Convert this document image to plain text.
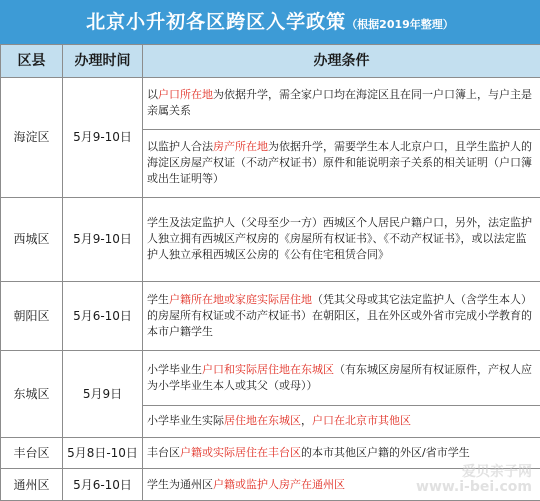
北京小升初各区跨区入学政策（根据2019年整理）
区县	办理时间	办理条件
海淀区	5月9-10日	以户口所在地为依据升学，需全家户口均在海淀区且在同一户口簿上，与户主是亲属关系
		以监护人合法房产所在地为依据升学，需要学生本人北京户口，且学生监护人的海淀区房屋产权证（不动产权证书）原件和能说明亲子关系的相关证明（户口簿或出生证明等）
西城区	5月9-10日	学生及法定监护人（父母至少一方）西城区个人居民户籍户口，另外，法定监护人独立拥有西城区产权房的《房屋所有权证书》、《不动产权证书》，或以法定监护人独立承租西城区公房的《公有住宅租赁合同》
朝阳区	5月6-10日	学生户籍所在地或家庭实际居住地（凭其父母或其它法定监护人（含学生本人）的房屋所有权证或不动产权证书）在朝阳区，且在外区或外省市完成小学教育的 本市户籍学生
东城区	5月9日	小学毕业生户口和实际居住地在东城区（有东城区房屋所有权证原件，产权人应为小学毕业生本人或其父（或母））
		小学毕业生实际居住地在东城区，户口在北京市其他区
丰台区	5月8日-10日	丰台区户籍或实际居住在丰台区的本市其他区户籍的外区/省市学生
通州区	5月6-10日	学生为通州区户籍或监护人房产在通州区
爱贝亲子网
www.i-bei.com
